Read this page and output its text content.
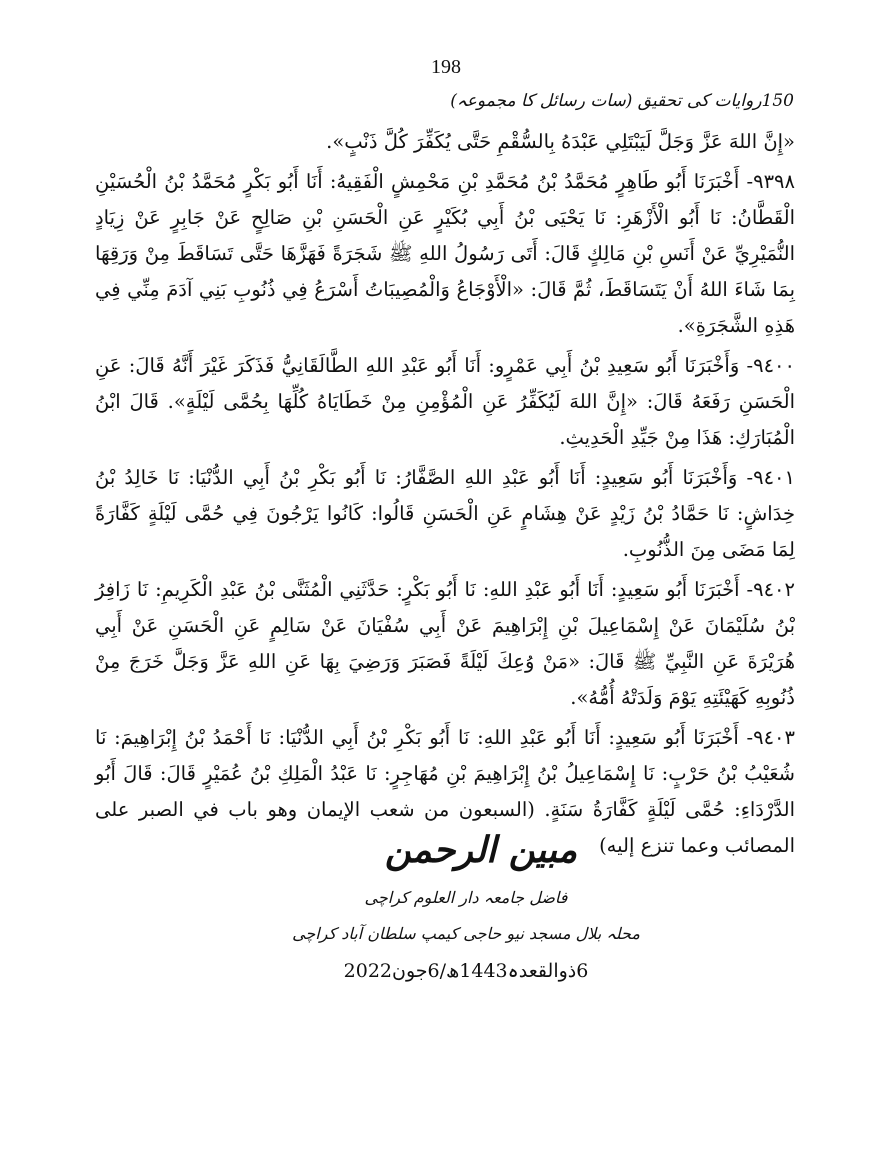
198
150روایات کی تحقیق (سات رسائل کا مجموعہ)

«إِنَّ اللهَ عَزَّ وَجَلَّ لَيَبْتَلِي عَبْدَهُ بِالسُّقْمِ حَتَّى يُكَفِّرَ كُلَّ ذَنْبٍ».

٩٣٩٨- أَخْبَرَنَا أَبُو طَاهِرٍ مُحَمَّدُ بْنُ مُحَمَّدِ بْنِ مَحْمِشٍ الْفَقِيهُ: أَنَا أَبُو بَكْرٍ مُحَمَّدُ بْنُ الْحُسَيْنِ الْقَطَّانُ: نَا أَبُو الْأَزْهَرِ: نَا يَحْيَى بْنُ أَبِي بُكَيْرٍ عَنِ الْحَسَنِ بْنِ صَالِحٍ عَنْ جَابِرٍ عَنْ زِيَادٍ النُّمَيْرِيِّ عَنْ أَنَسِ بْنِ مَالِكٍ قَالَ: أَتَى رَسُولُ اللهِ ﷺ شَجَرَةً فَهَزَّهَا حَتَّى تَسَاقَطَ مِنْ وَرَقِهَا بِمَا شَاءَ اللهُ أَنْ يَتَسَاقَطَ، ثُمَّ قَالَ: «الْأَوْجَاعُ وَالْمُصِيبَاتُ أَسْرَعُ فِي ذُنُوبِ بَنِي آدَمَ مِنِّي فِي هَذِهِ الشَّجَرَةِ».

٩٤٠٠- وَأَخْبَرَنَا أَبُو سَعِيدِ بْنُ أَبِي عَمْرٍو: أَنَا أَبُو عَبْدِ اللهِ الطَّالَقَانِيُّ فَذَكَرَ غَيْرَ أَنَّهُ قَالَ: عَنِ الْحَسَنِ رَفَعَهُ قَالَ: «إِنَّ اللهَ لَيُكَفِّرُ عَنِ الْمُؤْمِنِ مِنْ خَطَايَاهُ كُلِّهَا بِحُمَّى لَيْلَةٍ». قَالَ ابْنُ الْمُبَارَكِ: هَذَا مِنْ جَيِّدِ الْحَدِيثِ.

٩٤٠١- وَأَخْبَرَنَا أَبُو سَعِيدٍ: أَنَا أَبُو عَبْدِ اللهِ الصَّفَّارُ: نَا أَبُو بَكْرِ بْنُ أَبِي الدُّنْيَا: نَا خَالِدُ بْنُ خِدَاشٍ: نَا حَمَّادُ بْنُ زَيْدٍ عَنْ هِشَامٍ عَنِ الْحَسَنِ قَالُوا: كَانُوا يَرْجُونَ فِي حُمَّى لَيْلَةٍ كَفَّارَةً لِمَا مَضَى مِنَ الذُّنُوبِ.

٩٤٠٢- أَخْبَرَنَا أَبُو سَعِيدٍ: أَنَا أَبُو عَبْدِ اللهِ: نَا أَبُو بَكْرٍ: حَدَّثَنِي الْمُثَنَّى بْنُ عَبْدِ الْكَرِيمِ: نَا زَافِرُ بْنُ سُلَيْمَانَ عَنْ إِسْمَاعِيلَ بْنِ إِبْرَاهِيمَ عَنْ أَبِي سُفْيَانَ عَنْ سَالِمٍ عَنِ الْحَسَنِ عَنْ أَبِي هُرَيْرَةَ عَنِ النَّبِيِّ ﷺ قَالَ: «مَنْ وُعِكَ لَيْلَةً فَصَبَرَ وَرَضِيَ بِهَا عَنِ اللهِ عَزَّ وَجَلَّ خَرَجَ مِنْ ذُنُوبِهِ كَهَيْئَتِهِ يَوْمَ وَلَدَتْهُ أُمُّهُ».

٩٤٠٣- أَخْبَرَنَا أَبُو سَعِيدٍ: أَنَا أَبُو عَبْدِ اللهِ: نَا أَبُو بَكْرِ بْنُ أَبِي الدُّنْيَا: نَا أَحْمَدُ بْنُ إِبْرَاهِيمَ: نَا شُعَيْبُ بْنُ حَرْبٍ: نَا إِسْمَاعِيلُ بْنُ إِبْرَاهِيمَ بْنِ مُهَاجِرٍ: نَا عَبْدُ الْمَلِكِ بْنُ عُمَيْرٍ قَالَ: قَالَ أَبُو الدَّرْدَاءِ: حُمَّى لَيْلَةٍ كَفَّارَةُ سَنَةٍ. (السبعون من شعب الإيمان وهو باب في الصبر على المصائب وعما تنزع إليه)

مبین الرحمن
فاضل جامعہ دار العلوم کراچی
محلہ بلال مسجد نیو حاجی کیمپ سلطان آباد کراچی
6ذوالقعدہ1443ھ/6جون2022
